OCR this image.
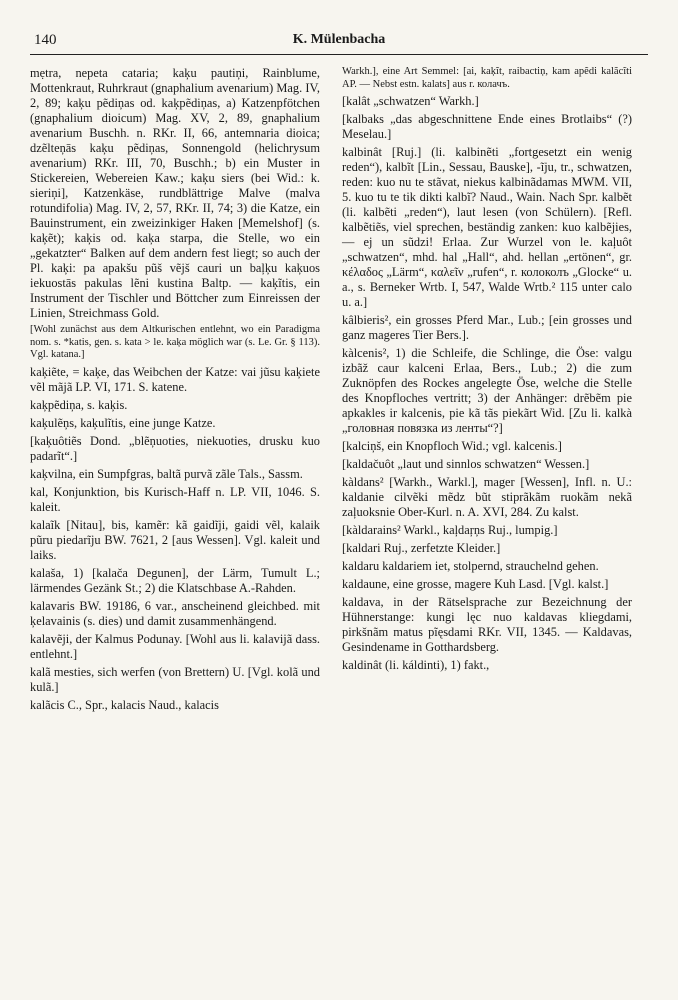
140	K. Mülenbacha

mẹtra, nepeta cataria; kaķu pautiņi, Rainblume, Mottenkraut, Ruhrkraut (gnaphalium avenarium) Mag. IV, 2, 89; kaķu pẽdiņas od. kaķpẽdiņas, a) Katzenpfötchen (gnaphalium dioicum) Mag. XV, 2, 89, gnaphalium avenarium Buschh. n. RKr. II, 66, antemnaria dioica; dzẽlteņās kaķu pẽdiņas, Sonnengold (helichrysum avenarium) RKr. III, 70, Buschh.; b) ein Muster in Stickereien, Webereien Kaw.; kaķu siers (bei Wid.: k. sieriņi], Katzenkäse, rundblättrige Malve (malva rotundifolia) Mag. IV, 2, 57, RKr. II, 74; 3) die Katze, ein Bauinstrument, ein zweizinkiger Haken [Memelshof] (s. kaķẽt); kaķis od. kaķa starpa, die Stelle, wo ein „gekatzter“ Balken auf dem andern fest liegt; so auch der Pl. kaķi: pa apakšu pũš vẽjš cauri un baļķu kaķuos iekuostās pakulas lẽni kustina Baltp. — kaķĩtis, ein Instrument der Tischler und Böttcher zum Einreissen der Linien, Streichmass Gold.

[Wohl zunächst aus dem Altkurischen entlehnt, wo ein Paradigma nom. s. *katis, gen. s. kata > le. kaķa möglich war (s. Le. Gr. § 113). Vgl. katana.]

kaķiẽte, = kaķe, das Weibchen der Katze: vai jũsu kaķiete vẽl mãjã LP. VI, 171. S. katene.

kaķpẽdiņa, s. kaķis.

kaķulẽņs, kaķulĩtis, eine junge Katze.

[kaķuôtiẽs Dond. „blẽņuoties, niekuoties, drusku kuo padarĩt“.]

kaķvilna, ein Sumpfgras, baltã purvã zãle Tals., Sassm.

kal, Konjunktion, bis Kurisch-Haff n. LP. VII, 1046. S. kaleit.

kalaĩk [Nitau], bis, kamẽr: kã gaidĩji, gaidi vẽl, kalaik pũru piedarĩju BW. 7621, 2 [aus Wessen]. Vgl. kaleit und laiks.

kalaša, 1) [kalača Degunen], der Lärm, Tumult L.; lärmendes Gezänk St.; 2) die Klatschbase A.-Rahden.

kalavaris BW. 19186, 6 var., anscheinend gleichbed. mit ķelavainis (s. dies) und damit zusammenhängend.

kalavẽji, der Kalmus Podunay. [Wohl aus li. kalavijã dass. entlehnt.]

kalã mesties, sich werfen (von Brettern) U. [Vgl. kolã und kulã.]

kalãcis C., Spr., kalacis Naud., kalacis

Warkh.], eine Art Semmel: [ai, kaķĩt, raibactiņ, kam apẽdi kalãcĩti AP. — Nebst estn. kalats] aus r. колачъ.

[kalât „schwatzen“ Warkh.]

[kalbaks „das abgeschnittene Ende eines Brotlaibs“ (?) Meselau.]

kalbinât [Ruj.] (li. kalbinẽti „fortgesetzt ein wenig reden“), kalbĩt [Lin., Sessau, Bauske], -ĩju, tr., schwatzen, reden: kuo nu te stãvat, niekus kalbinãdamas MWM. VII, 5. kuo tu te tik dikti kalbĩ? Naud., Wain. Nach Spr. kalbẽt (li. kalbẽti „reden“), laut lesen (von Schülern). [Refl. kalbẽtiẽs, viel sprechen, beständig zanken: kuo kalbẽjies, — ej un sũdzi! Erlaa. Zur Wurzel von le. kaļuôt „schwatzen“, mhd. hal „Hall“, ahd. hellan „ertönen“, gr. κέλαδος „Lärm“, καλεῖν „rufen“, r. колоколъ „Glocke“ u. a., s. Berneker Wrtb. I, 547, Walde Wrtb.² 115 unter calo u. a.]

kâlbieris², ein grosses Pferd Mar., Lub.; [ein grosses und ganz mageres Tier Bers.].

kàlcenis², 1) die Schleife, die Schlinge, die Öse: valgu izbãž caur kalceni Erlaa, Bers., Lub.; 2) die zum Zuknöpfen des Rockes angelegte Öse, welche die Stelle des Knopfloches vertritt; 3) der Anhänger: drẽbẽm pie apkakles ir kalcenis, pie kã tãs piekãrt Wid. [Zu li. kalkà „головная повязка из ленты“?]

[kalciņš, ein Knopfloch Wid.; vgl. kalcenis.]

[kaldačuôt „laut und sinnlos schwatzen“ Wessen.]

kàldans² [Warkh., Warkl.], mager [Wessen], Infl. n. U.: kaldanie cilvẽki mẽdz bũt stiprãkãm ruokãm nekã zaļuoksnie Ober-Kurl. n. A. XVI, 284. Zu kalst.

[kàldarains² Warkl., kaļdaŗņs Ruj., lumpig.]

[kaldari Ruj., zerfetzte Kleider.]

kaldaru kaldariem iet, stolpernd, strauchelnd gehen.

kaldaune, eine grosse, magere Kuh Lasd. [Vgl. kalst.]

kaldava, in der Rätselsprache zur Bezeichnung der Hühnerstange: kungi lęc nuo kaldavas kliegdami, pirkšnãm matus pĩęsdami RKr. VII, 1345. — Kaldavas, Gesindename in Gotthardsberg.

kaldinât (li. káldinti), 1) fakt.,
